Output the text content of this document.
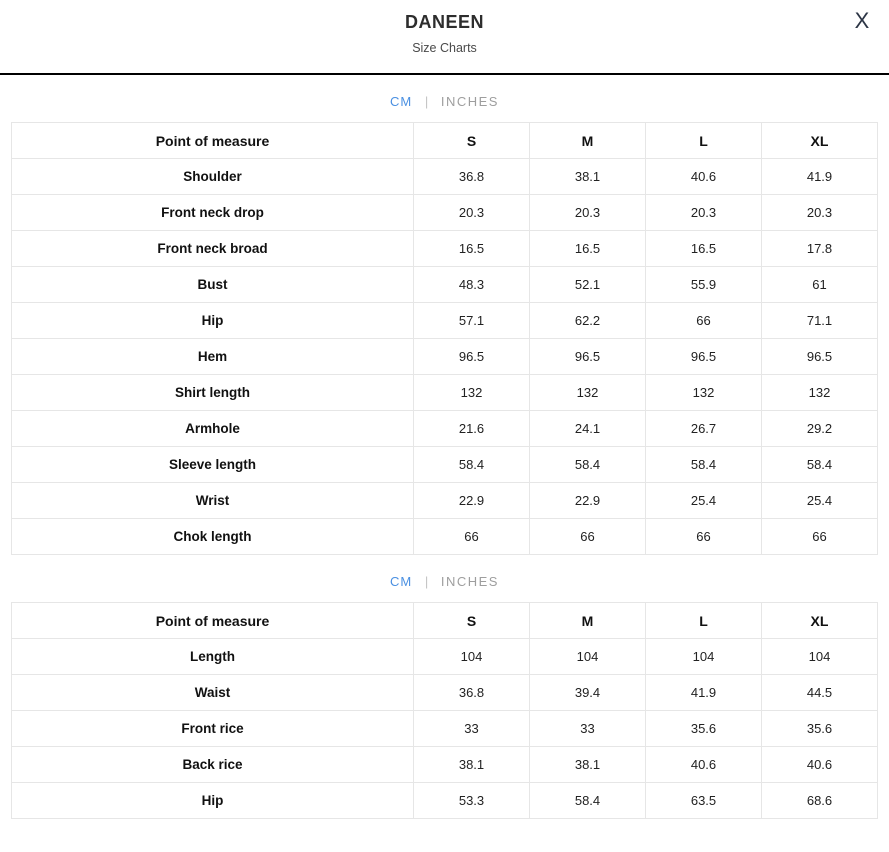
DANEEN
Size Charts
X
CM | INCHES
Point of measure	S	M	L	XL
Shoulder	36.8	38.1	40.6	41.9
Front neck drop	20.3	20.3	20.3	20.3
Front neck broad	16.5	16.5	16.5	17.8
Bust	48.3	52.1	55.9	61
Hip	57.1	62.2	66	71.1
Hem	96.5	96.5	96.5	96.5
Shirt length	132	132	132	132
Armhole	21.6	24.1	26.7	29.2
Sleeve length	58.4	58.4	58.4	58.4
Wrist	22.9	22.9	25.4	25.4
Chok length	66	66	66	66
CM | INCHES
Point of measure	S	M	L	XL
Length	104	104	104	104
Waist	36.8	39.4	41.9	44.5
Front rice	33	33	35.6	35.6
Back rice	38.1	38.1	40.6	40.6
Hip	53.3	58.4	63.5	68.6
